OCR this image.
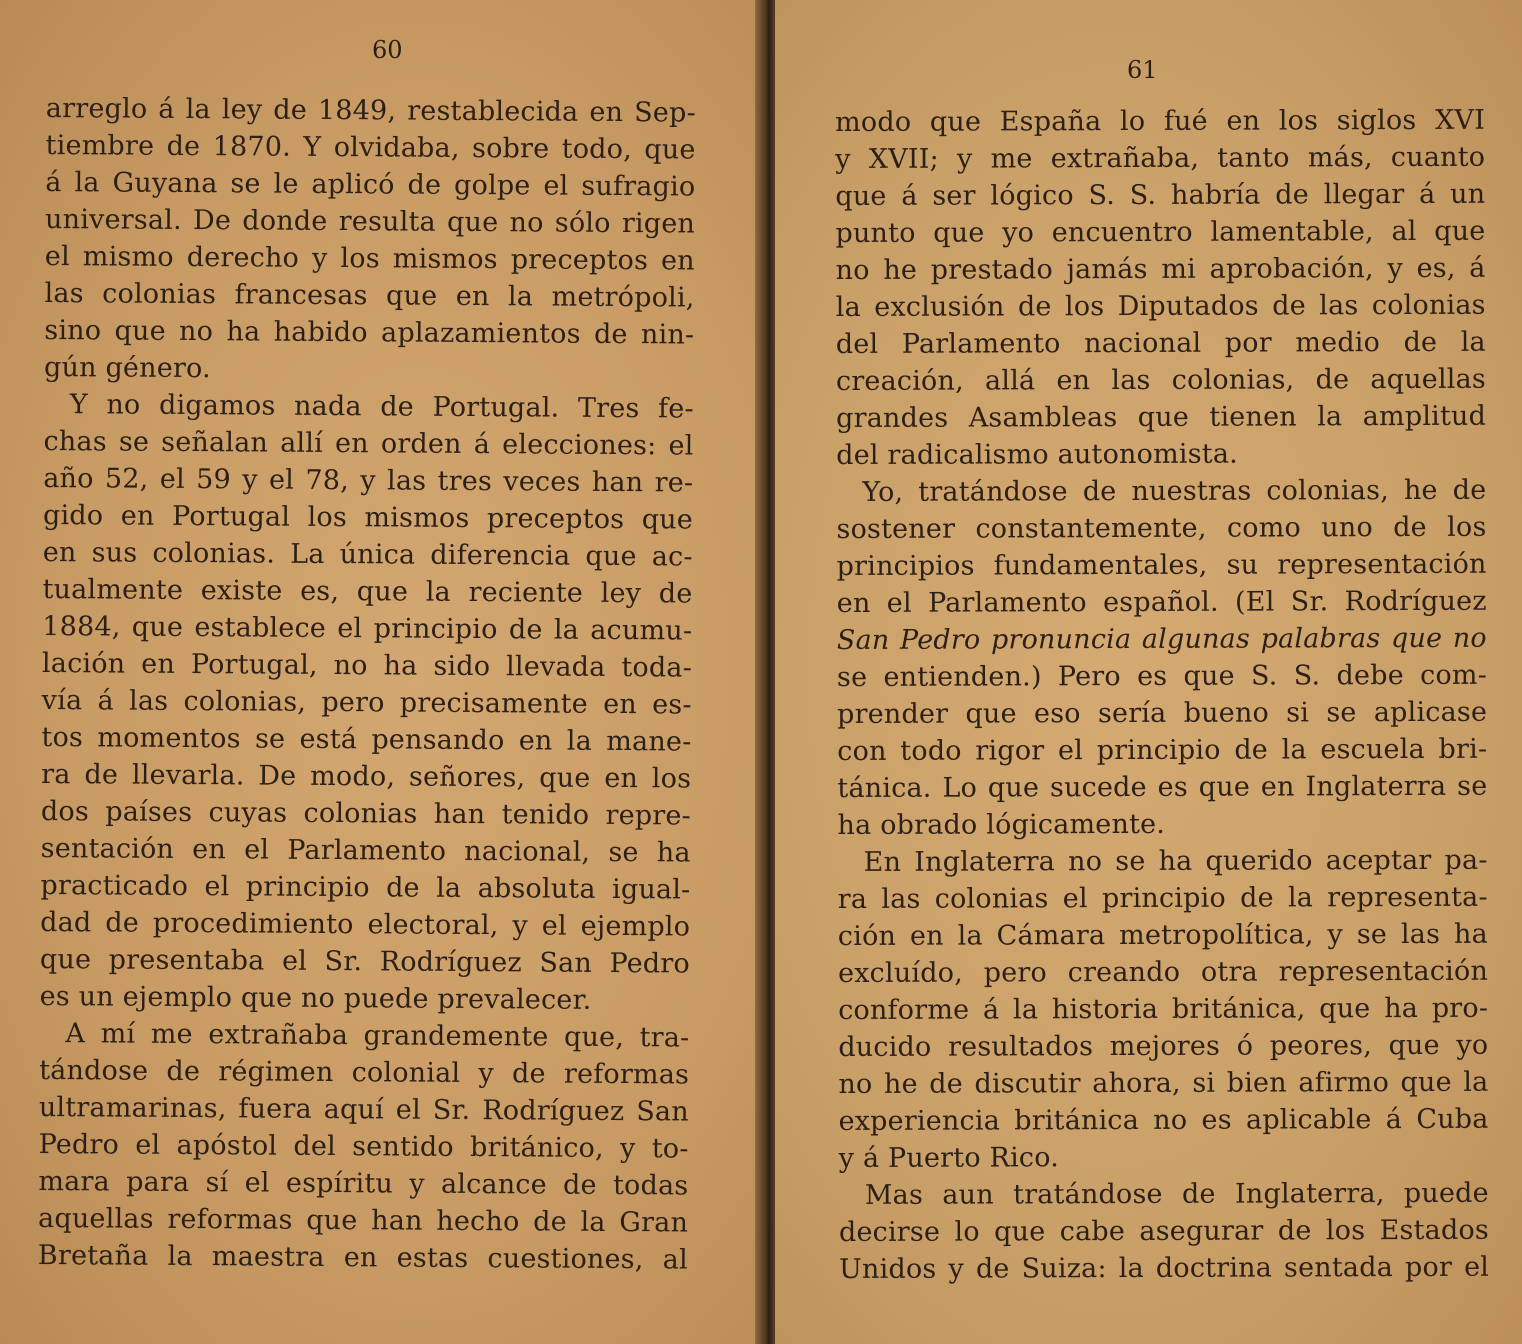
60
arreglo á la ley de 1849, restablecida en Sep-
tiembre de 1870. Y olvidaba, sobre todo, que
á la Guyana se le aplicó de golpe el sufragio
universal. De donde resulta que no sólo rigen
el mismo derecho y los mismos preceptos en
las colonias francesas que en la metrópoli,
sino que no ha habido aplazamientos de nin-
gún género.
Y no digamos nada de Portugal. Tres fe-
chas se señalan allí en orden á elecciones: el
año 52, el 59 y el 78, y las tres veces han re-
gido en Portugal los mismos preceptos que
en sus colonias. La única diferencia que ac-
tualmente existe es, que la reciente ley de
1884, que establece el principio de la acumu-
lación en Portugal, no ha sido llevada toda-
vía á las colonias, pero precisamente en es-
tos momentos se está pensando en la mane-
ra de llevarla. De modo, señores, que en los
dos países cuyas colonias han tenido repre-
sentación en el Parlamento nacional, se ha
practicado el principio de la absoluta igual-
dad de procedimiento electoral, y el ejemplo
que presentaba el Sr. Rodríguez San Pedro
es un ejemplo que no puede prevalecer.
A mí me extrañaba grandemente que, tra-
tándose de régimen colonial y de reformas
ultramarinas, fuera aquí el Sr. Rodríguez San
Pedro el apóstol del sentido británico, y to-
mara para sí el espíritu y alcance de todas
aquellas reformas que han hecho de la Gran
Bretaña la maestra en estas cuestiones, al
61
modo que España lo fué en los siglos XVI
y XVII; y me extrañaba, tanto más, cuanto
que á ser lógico S. S. habría de llegar á un
punto que yo encuentro lamentable, al que
no he prestado jamás mi aprobación, y es, á
la exclusión de los Diputados de las colonias
del Parlamento nacional por medio de la
creación, allá en las colonias, de aquellas
grandes Asambleas que tienen la amplitud
del radicalismo autonomista.
Yo, tratándose de nuestras colonias, he de
sostener constantemente, como uno de los
principios fundamentales, su representación
en el Parlamento español. (El Sr. Rodríguez
San Pedro pronuncia algunas palabras que no
se entienden.) Pero es que S. S. debe com-
prender que eso sería bueno si se aplicase
con todo rigor el principio de la escuela bri-
tánica. Lo que sucede es que en Inglaterra se
ha obrado lógicamente.
En Inglaterra no se ha querido aceptar pa-
ra las colonias el principio de la representa-
ción en la Cámara metropolítica, y se las ha
excluído, pero creando otra representación
conforme á la historia británica, que ha pro-
ducido resultados mejores ó peores, que yo
no he de discutir ahora, si bien afirmo que la
experiencia británica no es aplicable á Cuba
y á Puerto Rico.
Mas aun tratándose de Inglaterra, puede
decirse lo que cabe asegurar de los Estados
Unidos y de Suiza: la doctrina sentada por el
